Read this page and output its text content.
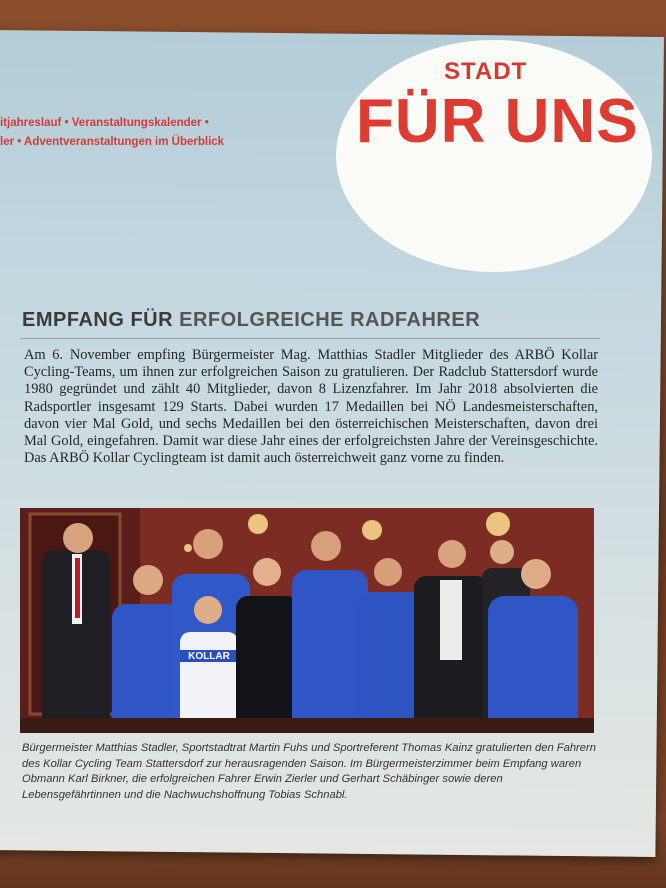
itjahreslauf • Veranstaltungskalender •
ler • Adventveranstaltungen im Überblick
STADT
FÜR UNS
EMPFANG FÜR ERFOLGREICHE RADFAHRER
Am 6. November empfing Bürgermeister Mag. Matthias Stadler Mitglieder des ARBÖ Kollar Cycling-Teams, um ihnen zur erfolgreichen Saison zu gratulieren. Der Radclub Stattersdorf wurde 1980 gegründet und zählt 40 Mitglieder, davon 8 Lizenzfahrer. Im Jahr 2018 absolvierten die Radsportler insgesamt 129 Starts. Dabei wurden 17 Medaillen bei NÖ Landesmeisterschaften, davon vier Mal Gold, und sechs Medaillen bei den österreichischen Meisterschaften, davon drei Mal Gold, eingefahren. Damit war diese Jahr eines der erfolgreichsten Jahre der Vereinsgeschichte. Das ARBÖ Kollar Cyclingteam ist damit auch österreichweit ganz vorne zu finden.
KOLLAR
Bürgermeister Matthias Stadler, Sportstadtrat Martin Fuhs und Sportreferent Thomas Kainz gratulierten den Fahrern des Kollar Cycling Team Stattersdorf zur herausragenden Saison. Im Bürgermeisterzimmer beim Empfang waren Obmann Karl Birkner, die erfolgreichen Fahrer Erwin Zierler und Gerhart Schäbinger sowie deren Lebensgefährtinnen und die Nachwuchshoffnung Tobias Schnabl.
